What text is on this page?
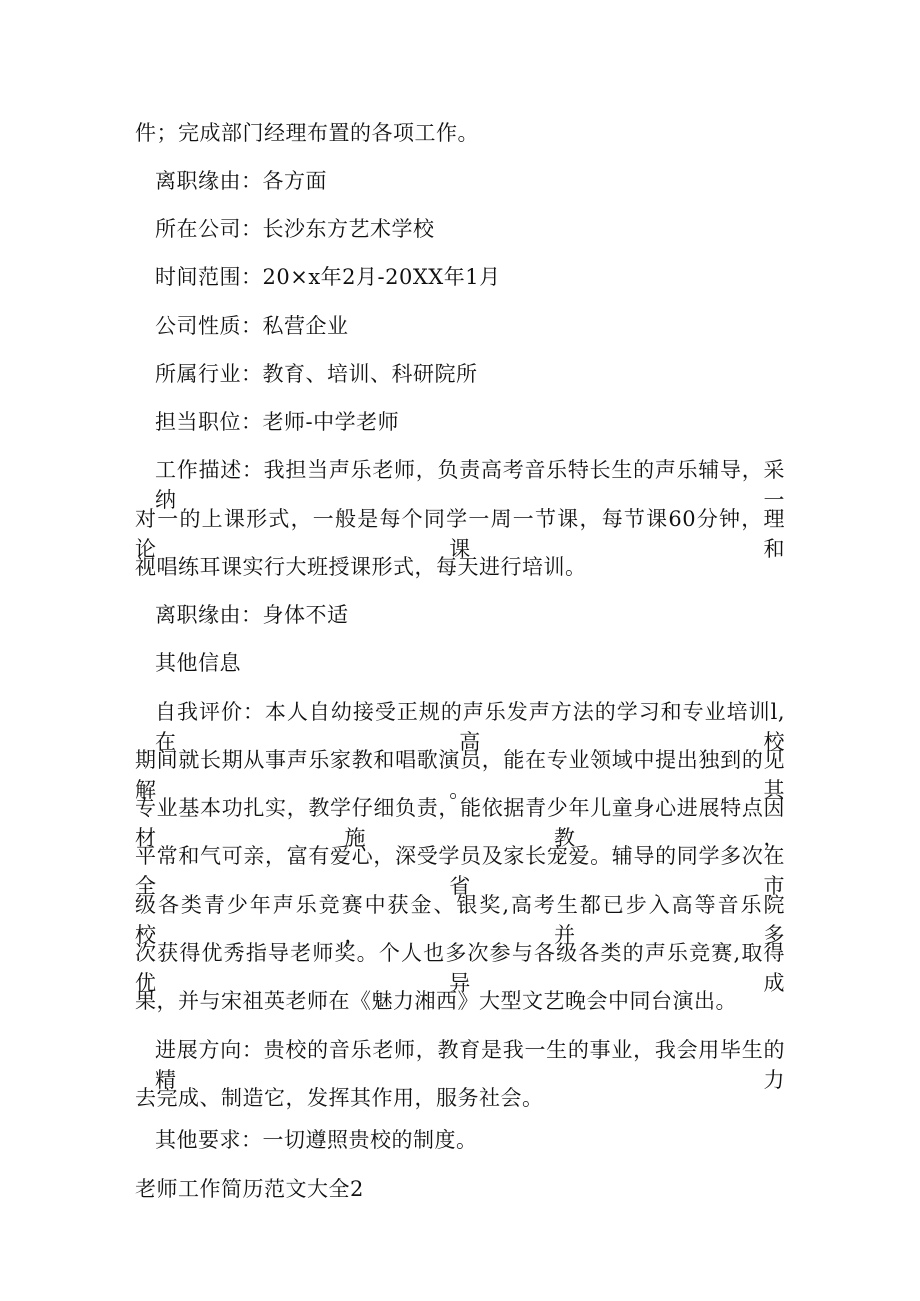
件；完成部门经理布置的各项工作。
离职缘由：各方面
所在公司：长沙东方艺术学校
时间范围：20×x年2月-20XX年1月
公司性质：私营企业
所属行业：教育、培训、科研院所
担当职位：老师-中学老师
工作描述：我担当声乐老师，负责高考音乐特长生的声乐辅导，采纳一
对一的上课形式，一般是每个同学一周一节课，每节课60分钟，理论课和
视唱练耳课实行大班授课形式，每天进行培训。
离职缘由：身体不适
其他信息
自我评价：本人自幼接受正规的声乐发声方法的学习和专业培训l,在高校
期间就长期从事声乐家教和唱歌演员，能在专业领域中提出独到的见解。其
专业基本功扎实，教学仔细负责，能依据青少年儿童身心进展特点因材施教，
平常和气可亲，富有爱心，深受学员及家长宠爱。辅导的同学多次在全省市
级各类青少年声乐竞赛中获金、银奖,高考生都已步入高等音乐院校，并多
次获得优秀指导老师奖。个人也多次参与各级各类的声乐竞赛,取得优异成
果，并与宋祖英老师在《魅力湘西》大型文艺晚会中同台演出。
进展方向：贵校的音乐老师，教育是我一生的事业，我会用毕生的精力
去完成、制造它，发挥其作用，服务社会。
其他要求：一切遵照贵校的制度。
老师工作简历范文大全2
